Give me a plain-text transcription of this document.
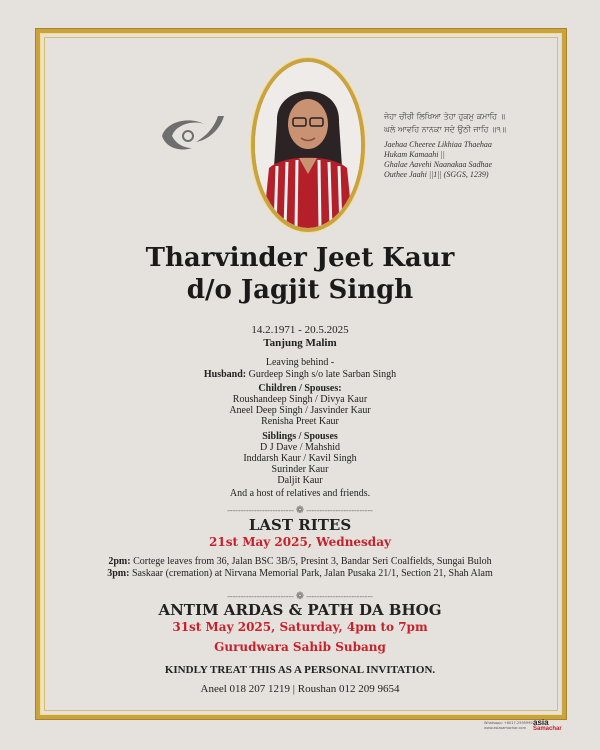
ਜੇਹਾ ਚੀਰੀ ਲਿਖਿਆ ਤੇਹਾ ਹੁਕਮੁ ਕਮਾਹਿ ॥
ਘਲੇ ਆਵਹਿ ਨਾਨਕਾ ਸਦੇ ਉਠੀ ਜਾਹਿ ॥੧॥
Jaehaa Cheeree Likhiaa Thaehaa
Hukam Kamaahi ||
Ghalae Aavehi Naanakaa Sadhae
Outhee Jaahi ||1|| (SGGS, 1239)
Tharvinder Jeet Kaur
d/o Jagjit Singh
14.2.1971 - 20.5.2025
Tanjung Malim
Leaving behind -
Husband: Gurdeep Singh s/o late Sarban Singh
Children / Spouses:
Roushandeep Singh / Divya Kaur
Aneel Deep Singh / Jasvinder Kaur
Renisha Preet Kaur
Siblings / Spouses
D J Dave / Mahshid
Inddarsh Kaur / Kavil Singh
Surinder Kaur
Daljit Kaur
And a host of relatives and friends.
------------------------- ❁ -------------------------
LAST RITES
21st May 2025, Wednesday
2pm: Cortege leaves from 36, Jalan BSC 3B/5, Presint 3, Bandar Seri Coalfields, Sungai Buloh
3pm: Saskaar (cremation) at Nirvana Memorial Park, Jalan Pusaka 21/1, Section 21, Shah Alam
------------------------- ❁ -------------------------
ANTIM ARDAS & PATH DA BHOG
31st May 2025, Saturday, 4pm to 7pm
Gurudwara Sahib Subang
KINDLY TREAT THIS AS A PERSONAL INVITATION.
Aneel 018 207 1219 | Roushan 012 209 9654
Whatsapp: +6017-2595999
www.asiasamachar.com
asia
Samachar
